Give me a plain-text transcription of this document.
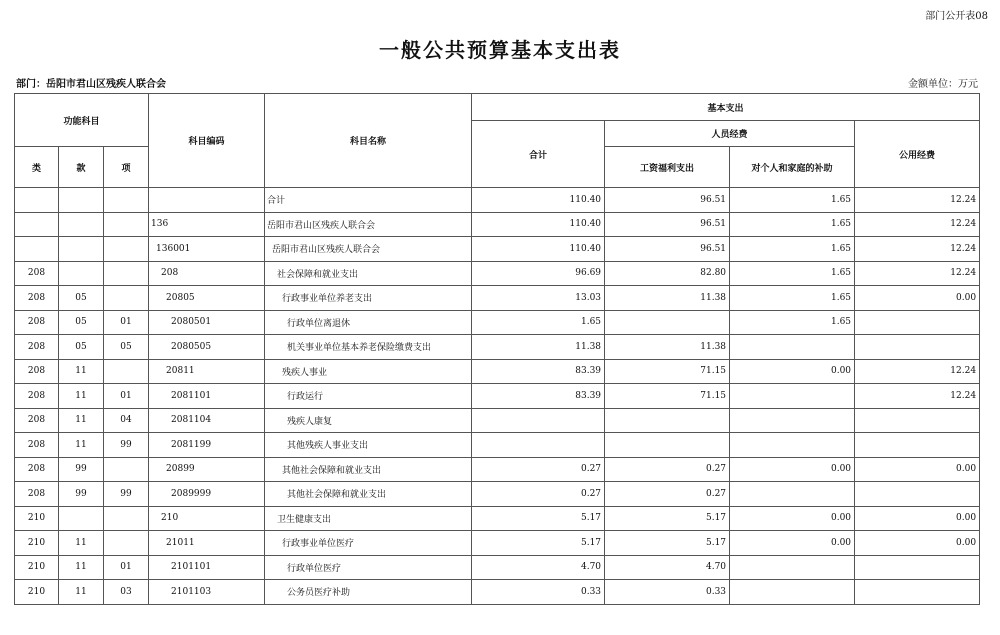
部门公开表08
一般公共预算基本支出表
部门：岳阳市君山区残疾人联合会	金额单位：万元
功能科目			科目编码	科目名称	基本支出			
					合计	人员经费		公用经费
类	款	项				工资福利支出	对个人和家庭的补助	
				合计	110.40	96.51	1.65	12.24
			136	岳阳市君山区残疾人联合会	110.40	96.51	1.65	12.24
			136001	岳阳市君山区残疾人联合会	110.40	96.51	1.65	12.24
208			208	社会保障和就业支出	96.69	82.80	1.65	12.24
208	05		20805	行政事业单位养老支出	13.03	11.38	1.65	0.00
208	05	01	2080501	行政单位离退休	1.65		1.65	
208	05	05	2080505	机关事业单位基本养老保险缴费支出	11.38	11.38		
208	11		20811	残疾人事业	83.39	71.15	0.00	12.24
208	11	01	2081101	行政运行	83.39	71.15		12.24
208	11	04	2081104	残疾人康复				
208	11	99	2081199	其他残疾人事业支出				
208	99		20899	其他社会保障和就业支出	0.27	0.27	0.00	0.00
208	99	99	2089999	其他社会保障和就业支出	0.27	0.27		
210			210	卫生健康支出	5.17	5.17	0.00	0.00
210	11		21011	行政事业单位医疗	5.17	5.17	0.00	0.00
210	11	01	2101101	行政单位医疗	4.70	4.70		
210	11	03	2101103	公务员医疗补助	0.33	0.33		
